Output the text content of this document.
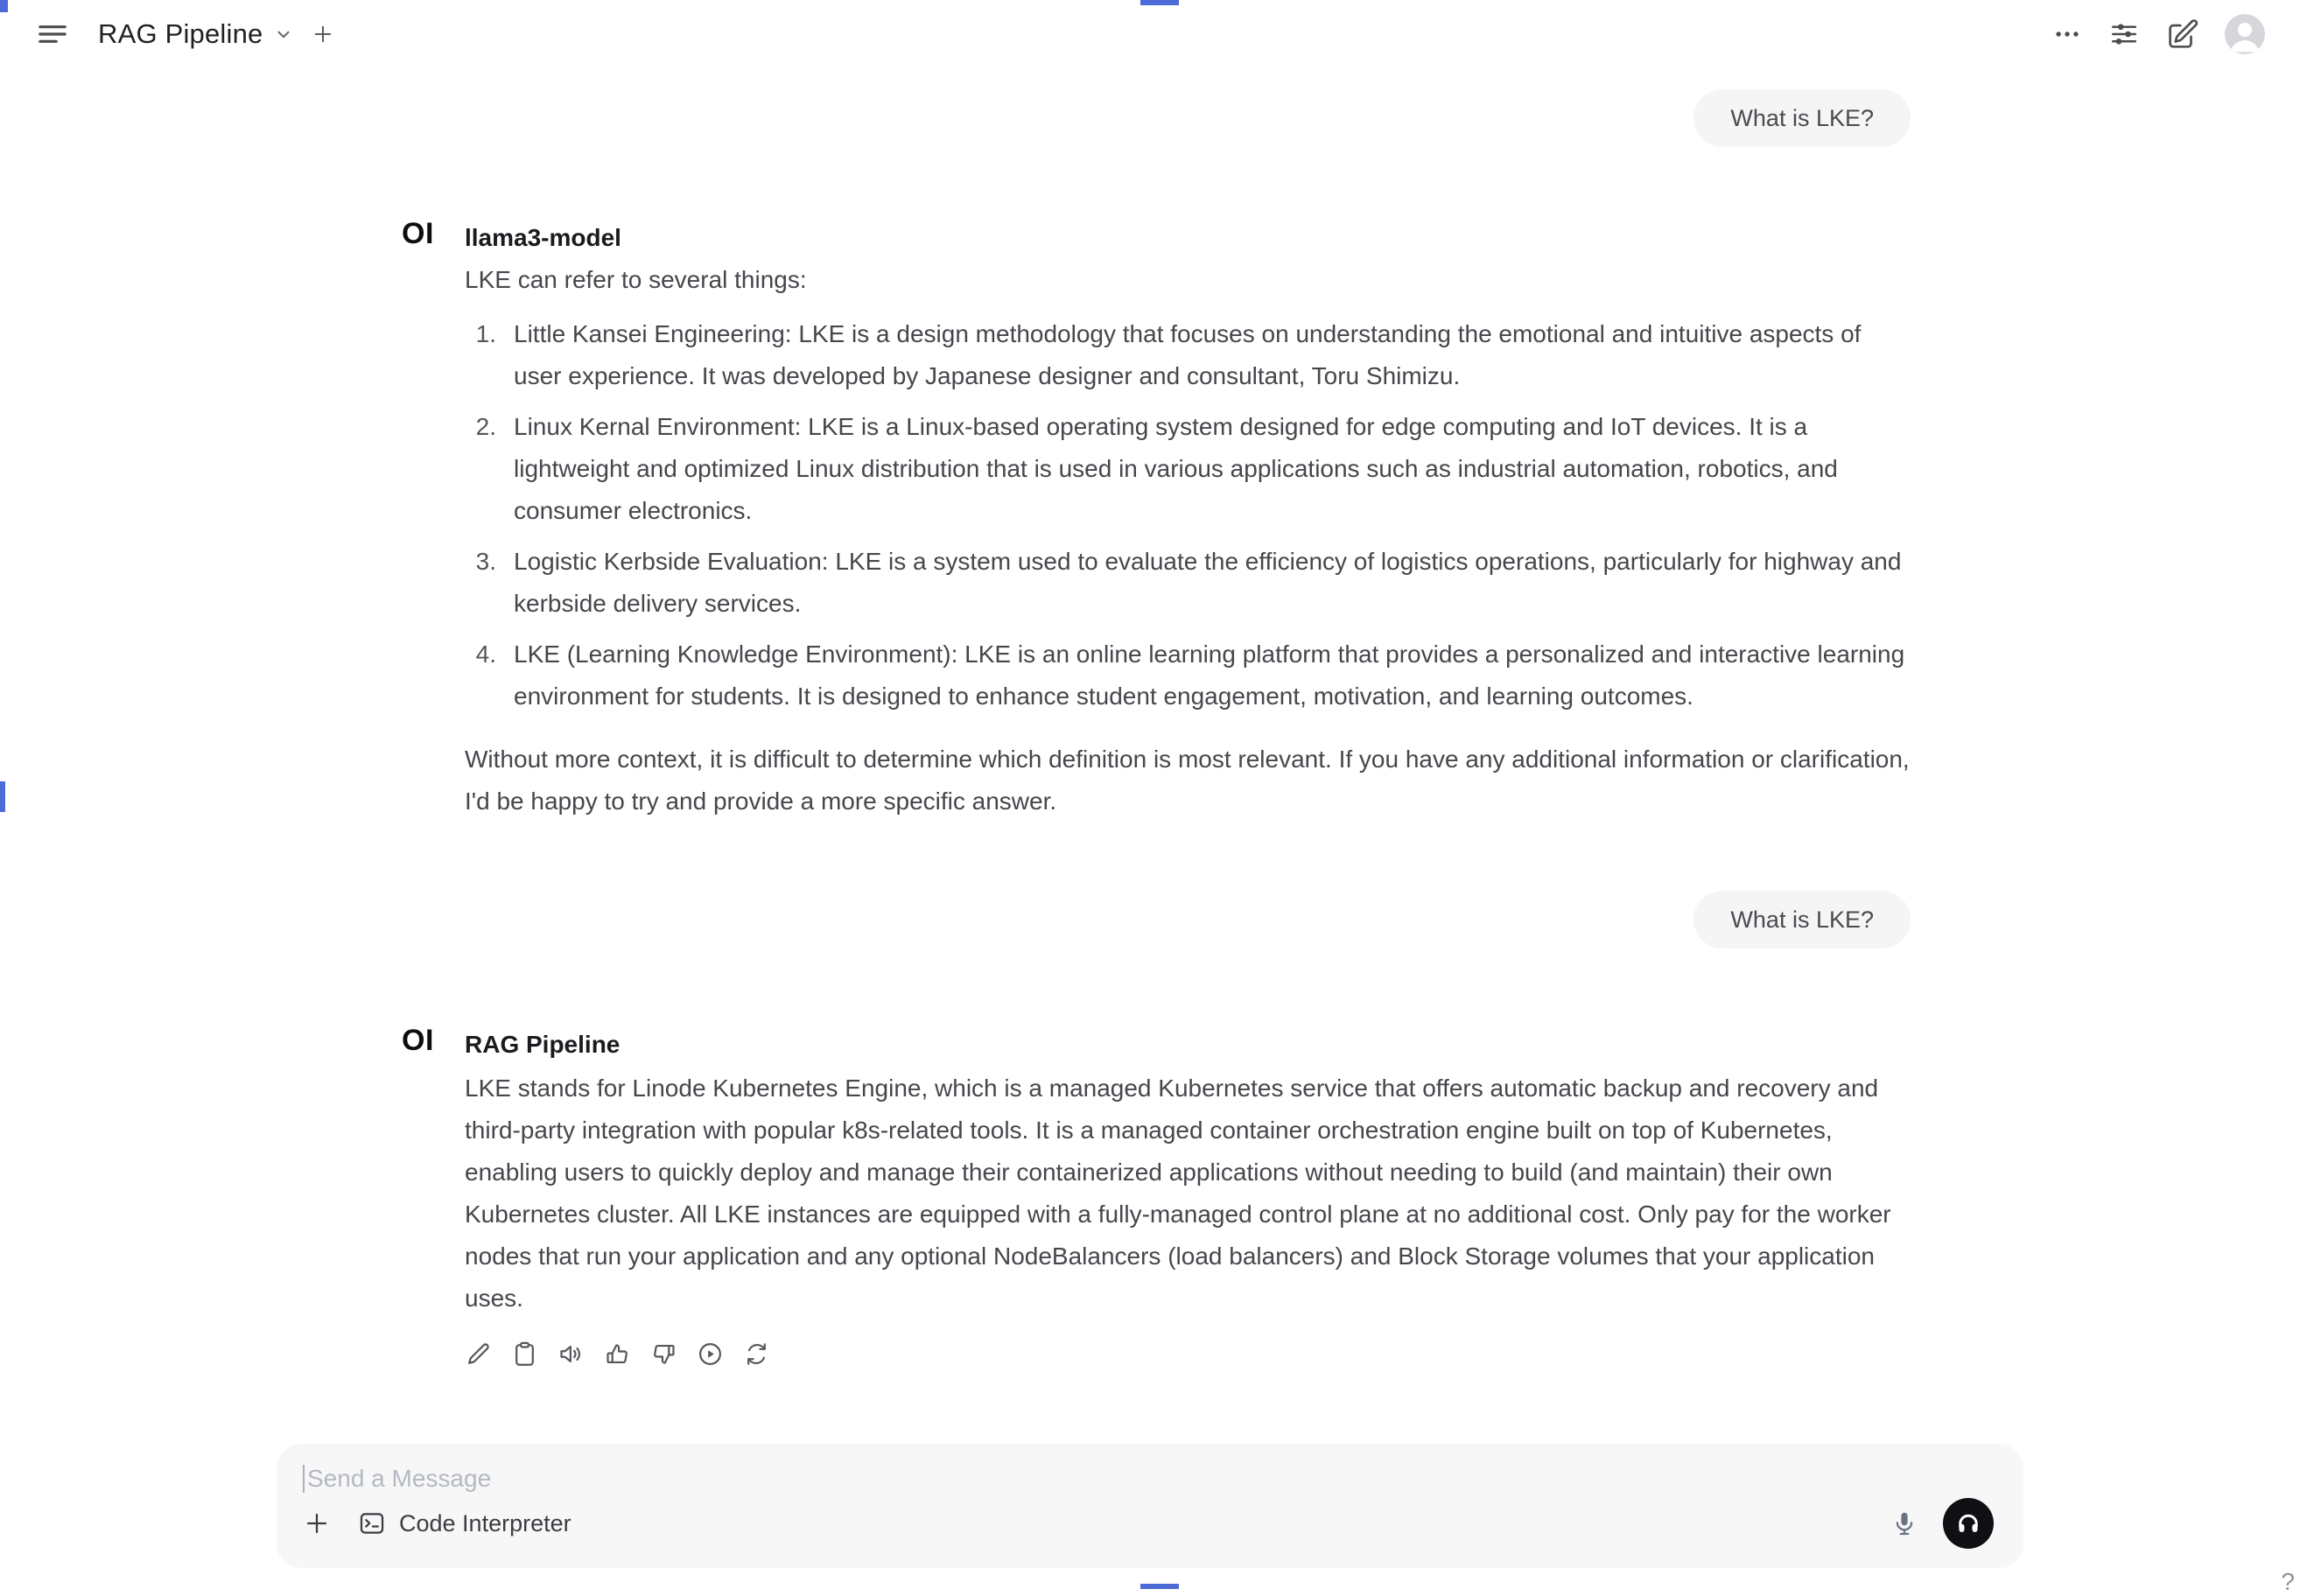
RAG Pipeline
What is LKE?
OI llama3-model
LKE can refer to several things:
1. Little Kansei Engineering: LKE is a design methodology that focuses on understanding the emotional and intuitive aspects of user experience. It was developed by Japanese designer and consultant, Toru Shimizu.
2. Linux Kernal Environment: LKE is a Linux-based operating system designed for edge computing and IoT devices. It is a lightweight and optimized Linux distribution that is used in various applications such as industrial automation, robotics, and consumer electronics.
3. Logistic Kerbside Evaluation: LKE is a system used to evaluate the efficiency of logistics operations, particularly for highway and kerbside delivery services.
4. LKE (Learning Knowledge Environment): LKE is an online learning platform that provides a personalized and interactive learning environment for students. It is designed to enhance student engagement, motivation, and learning outcomes.
Without more context, it is difficult to determine which definition is most relevant. If you have any additional information or clarification, I'd be happy to try and provide a more specific answer.
What is LKE?
OI RAG Pipeline
LKE stands for Linode Kubernetes Engine, which is a managed Kubernetes service that offers automatic backup and recovery and third-party integration with popular k8s-related tools. It is a managed container orchestration engine built on top of Kubernetes, enabling users to quickly deploy and manage their containerized applications without needing to build (and maintain) their own Kubernetes cluster. All LKE instances are equipped with a fully-managed control plane at no additional cost. Only pay for the worker nodes that run your application and any optional NodeBalancers (load balancers) and Block Storage volumes that your application uses.
Send a Message
Code Interpreter
?
